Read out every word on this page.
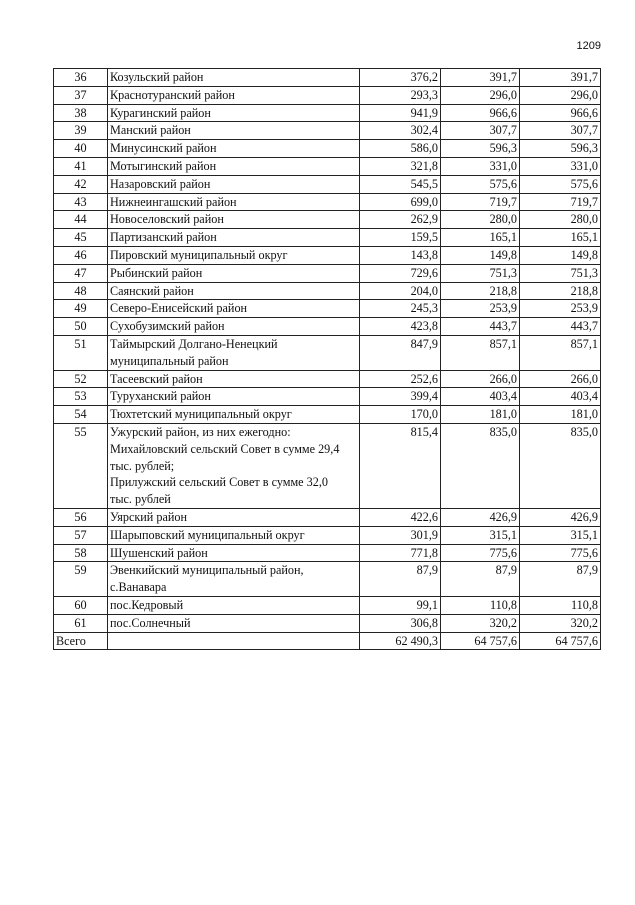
1209
36	Козульский район	376,2	391,7	391,7
37	Краснотуранский район	293,3	296,0	296,0
38	Курагинский район	941,9	966,6	966,6
39	Манский район	302,4	307,7	307,7
40	Минусинский район	586,0	596,3	596,3
41	Мотыгинский район	321,8	331,0	331,0
42	Назаровский район	545,5	575,6	575,6
43	Нижнеингашский район	699,0	719,7	719,7
44	Новоселовский район	262,9	280,0	280,0
45	Партизанский район	159,5	165,1	165,1
46	Пировский муниципальный округ	143,8	149,8	149,8
47	Рыбинский район	729,6	751,3	751,3
48	Саянский район	204,0	218,8	218,8
49	Северо-Енисейский район	245,3	253,9	253,9
50	Сухобузимский район	423,8	443,7	443,7
51	Таймырский Долгано-Ненецкий
муниципальный район	847,9	857,1	857,1
52	Тасеевский район	252,6	266,0	266,0
53	Туруханский район	399,4	403,4	403,4
54	Тюхтетский муниципальный округ	170,0	181,0	181,0
55	Ужурский район, из них ежегодно:
Михайловский сельский Совет в сумме 29,4
тыс. рублей;
Прилужский сельский Совет в сумме 32,0
тыс. рублей	815,4	835,0	835,0
56	Уярский район	422,6	426,9	426,9
57	Шарыповский муниципальный округ	301,9	315,1	315,1
58	Шушенский район	771,8	775,6	775,6
59	Эвенкийский муниципальный район,
с.Ванавара	87,9	87,9	87,9
60	пос.Кедровый	99,1	110,8	110,8
61	пос.Солнечный	306,8	320,2	320,2
Всего		62 490,3	64 757,6	64 757,6
